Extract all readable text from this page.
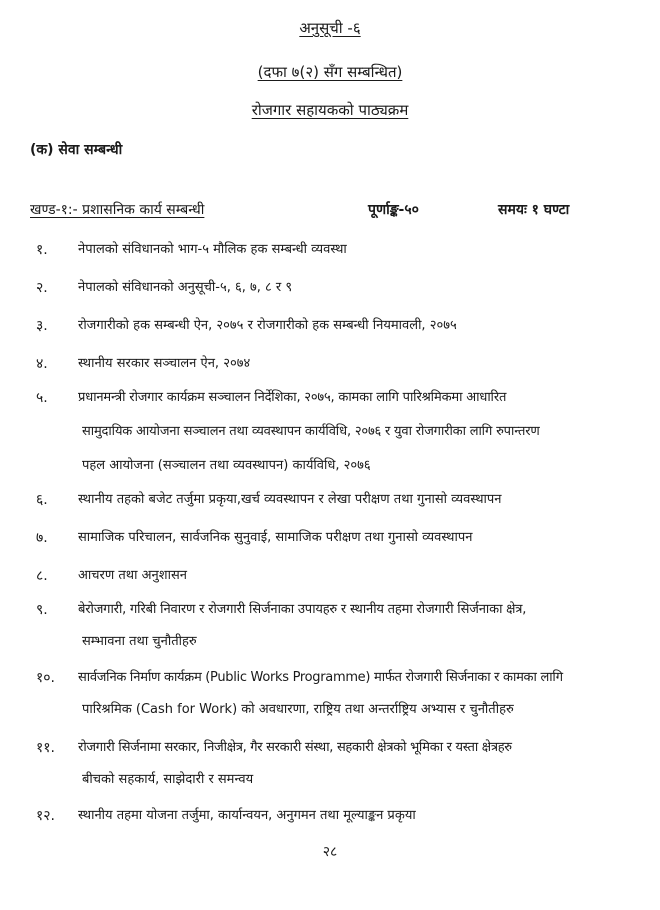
अनुसूची -६
(दफा ७(२) सँग सम्बन्धित)
रोजगार सहायकको पाठ्यक्रम
(क) सेवा सम्बन्धी
खण्ड-१:- प्रशासनिक कार्य सम्बन्धी	पूर्णाङ्क-५०	समयः १ घण्टा
१.	नेपालको संविधानको भाग-५ मौलिक हक सम्बन्धी व्यवस्था
२.	नेपालको संविधानको अनुसूची-५, ६, ७, ८ र ९
३.	रोजगारीको हक सम्बन्धी ऐन, २०७५ र रोजगारीको हक सम्बन्धी नियमावली, २०७५
४.	स्थानीय सरकार सञ्चालन ऐन, २०७४
५.	प्रधानमन्त्री रोजगार कार्यक्रम सञ्चालन निर्देशिका, २०७५, कामका लागि पारिश्रमिकमा आधारित
सामुदायिक आयोजना सञ्चालन तथा व्यवस्थापन कार्यविधि, २०७६ र युवा रोजगारीका लागि रुपान्तरण
पहल आयोजना (सञ्चालन तथा व्यवस्थापन) कार्यविधि, २०७६
६.	स्थानीय तहको बजेट तर्जुमा प्रकृया,खर्च व्यवस्थापन र लेखा परीक्षण तथा गुनासो व्यवस्थापन
७.	सामाजिक परिचालन, सार्वजनिक सुनुवाई, सामाजिक परीक्षण तथा गुनासो व्यवस्थापन
८.	आचरण तथा अनुशासन
९.	बेरोजगारी, गरिबी निवारण र रोजगारी सिर्जनाका उपायहरु र स्थानीय तहमा रोजगारी सिर्जनाका क्षेत्र,
सम्भावना तथा चुनौतीहरु
१०.	सार्वजनिक निर्माण कार्यक्रम (Public Works Programme) मार्फत रोजगारी सिर्जनाका र कामका लागि
पारिश्रमिक (Cash for Work) को अवधारणा, राष्ट्रिय तथा अन्तर्राष्ट्रिय अभ्यास र चुनौतीहरु
११.	रोजगारी सिर्जनामा सरकार, निजीक्षेत्र, गैर सरकारी संस्था, सहकारी क्षेत्रको भूमिका र यस्ता क्षेत्रहरु
बीचको सहकार्य, साझेदारी र समन्वय
१२.	स्थानीय तहमा योजना तर्जुमा, कार्यान्वयन, अनुगमन तथा मूल्याङ्कन प्रकृया
२८
